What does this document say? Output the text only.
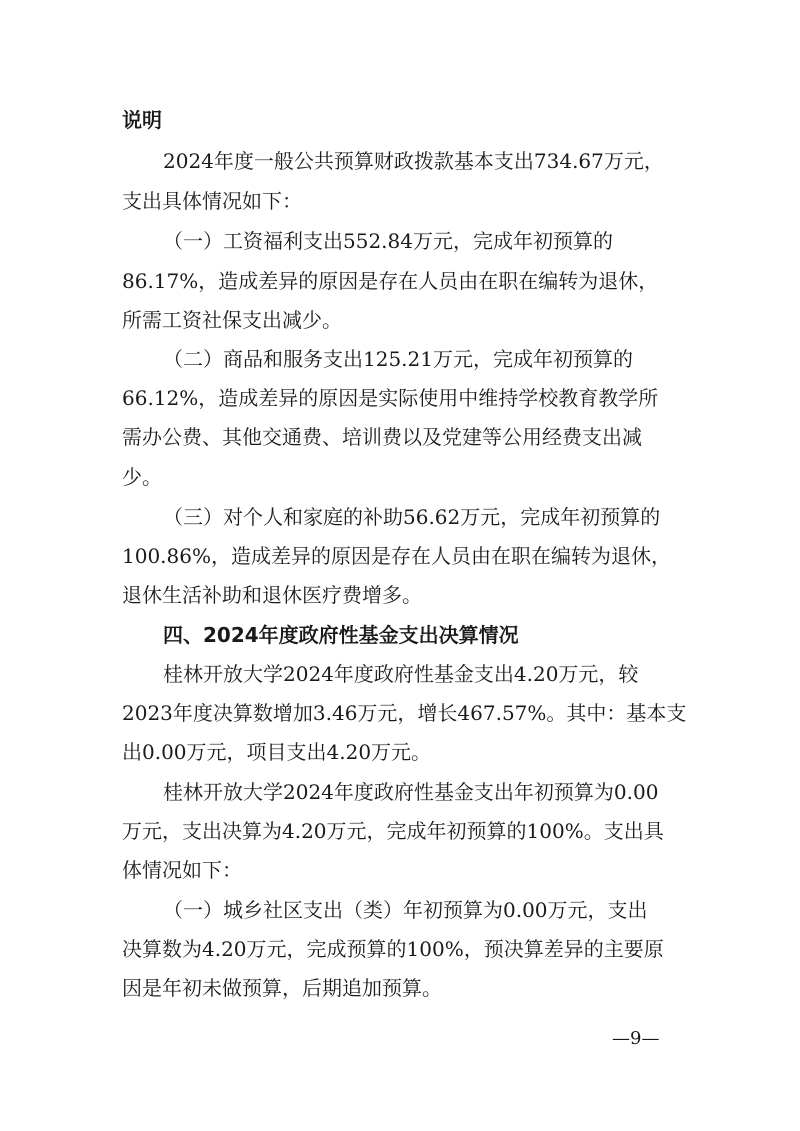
说明
2024年度一般公共预算财政拨款基本支出734.67万元，
支出具体情况如下：
（一）工资福利支出552.84万元，完成年初预算的
86.17%，造成差异的原因是存在人员由在职在编转为退休，
所需工资社保支出减少。
（二）商品和服务支出125.21万元，完成年初预算的
66.12%，造成差异的原因是实际使用中维持学校教育教学所
需办公费、其他交通费、培训费以及党建等公用经费支出减
少。
（三）对个人和家庭的补助56.62万元，完成年初预算的
100.86%，造成差异的原因是存在人员由在职在编转为退休，
退休生活补助和退休医疗费增多。
四、2024年度政府性基金支出决算情况
桂林开放大学2024年度政府性基金支出4.20万元，较
2023年度决算数增加3.46万元，增长467.57%。其中：基本支
出0.00万元，项目支出4.20万元。
桂林开放大学2024年度政府性基金支出年初预算为0.00
万元，支出决算为4.20万元，完成年初预算的100%。支出具
体情况如下：
（一）城乡社区支出（类）年初预算为0.00万元，支出
决算数为4.20万元，完成预算的100%，预决算差异的主要原
因是年初未做预算，后期追加预算。
—9—
